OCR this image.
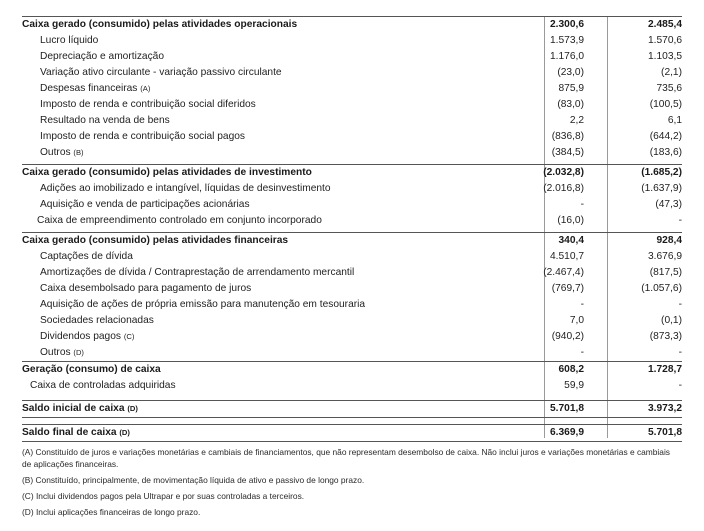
Caixa gerado (consumido) pelas atividades operacionais	2.300,6	2.485,4
Lucro líquido	1.573,9	1.570,6
Depreciação e amortização	1.176,0	1.103,5
Variação ativo circulante - variação passivo circulante	(23,0)	(2,1)
Despesas financeiras (A)	875,9	735,6
Imposto de renda e contribuição social diferidos	(83,0)	(100,5)
Resultado na venda de bens	2,2	6,1
Imposto de renda e contribuição social pagos	(836,8)	(644,2)
Outros (B)	(384,5)	(183,6)
Caixa gerado (consumido) pelas atividades de investimento	(2.032,8)	(1.685,2)
Adições ao imobilizado e intangível, líquidas de desinvestimento	(2.016,8)	(1.637,9)
Aquisição e venda de participações acionárias	-	(47,3)
Caixa de empreendimento controlado em conjunto incorporado	(16,0)	-
Caixa gerado (consumido) pelas atividades financeiras	340,4	928,4
Captações de dívida	4.510,7	3.676,9
Amortizações de dívida / Contraprestação de arrendamento mercantil	(2.467,4)	(817,5)
Caixa desembolsado para pagamento de juros	(769,7)	(1.057,6)
Aquisição de ações de própria emissão para manutenção em tesouraria	-	-
Sociedades relacionadas	7,0	(0,1)
Dividendos pagos (C)	(940,2)	(873,3)
Outros (D)	-	-
Geração (consumo) de caixa	608,2	1.728,7
Caixa de controladas adquiridas	59,9	-
Saldo inicial de caixa (D)	5.701,8	3.973,2
Saldo final de caixa (D)	6.369,9	5.701,8

(A) Constituído de juros e variações monetárias e cambiais de financiamentos, que não representam desembolso de caixa. Não inclui juros e variações monetárias e cambiais de aplicações financeiras.

(B) Constituído, principalmente, de movimentação líquida de ativo e passivo de longo prazo.

(C) Inclui dividendos pagos pela Ultrapar e por suas controladas a terceiros.

(D) Inclui aplicações financeiras de longo prazo.
